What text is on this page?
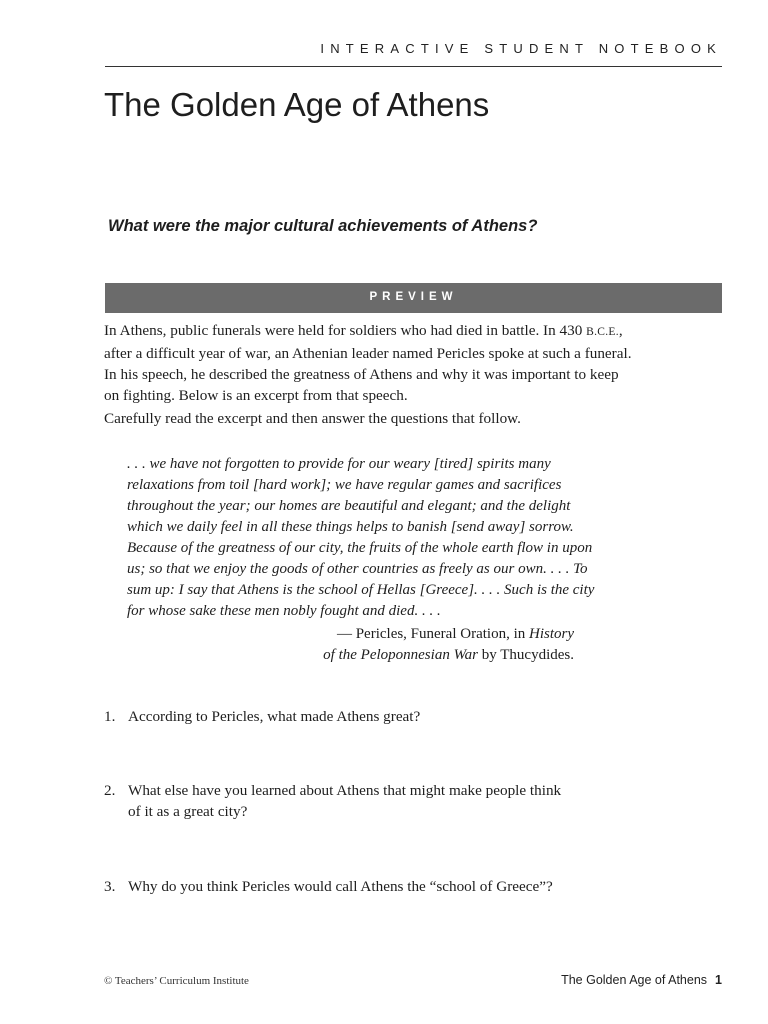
INTERACTIVE STUDENT NOTEBOOK
The Golden Age of Athens

What were the major cultural achievements of Athens?

PREVIEW

In Athens, public funerals were held for soldiers who had died in battle. In 430 B.C.E.,
after a difficult year of war, an Athenian leader named Pericles spoke at such a funeral.
In his speech, he described the greatness of Athens and why it was important to keep
on fighting. Below is an excerpt from that speech.

Carefully read the excerpt and then answer the questions that follow.

. . . we have not forgotten to provide for our weary [tired] spirits many
relaxations from toil [hard work]; we have regular games and sacrifices
throughout the year; our homes are beautiful and elegant; and the delight
which we daily feel in all these things helps to banish [send away] sorrow.
Because of the greatness of our city, the fruits of the whole earth flow in upon
us; so that we enjoy the goods of other countries as freely as our own. . . . To
sum up: I say that Athens is the school of Hellas [Greece]. . . . Such is the city
for whose sake these men nobly fought and died. . . .
— Pericles, Funeral Oration, in History
of the Peloponnesian War by Thucydides.
1. According to Pericles, what made Athens great?
2. What else have you learned about Athens that might make people think
of it as a great city?
3. Why do you think Pericles would call Athens the “school of Greece”?
© Teachers’ Curriculum Institute	The Golden Age of Athens 1
